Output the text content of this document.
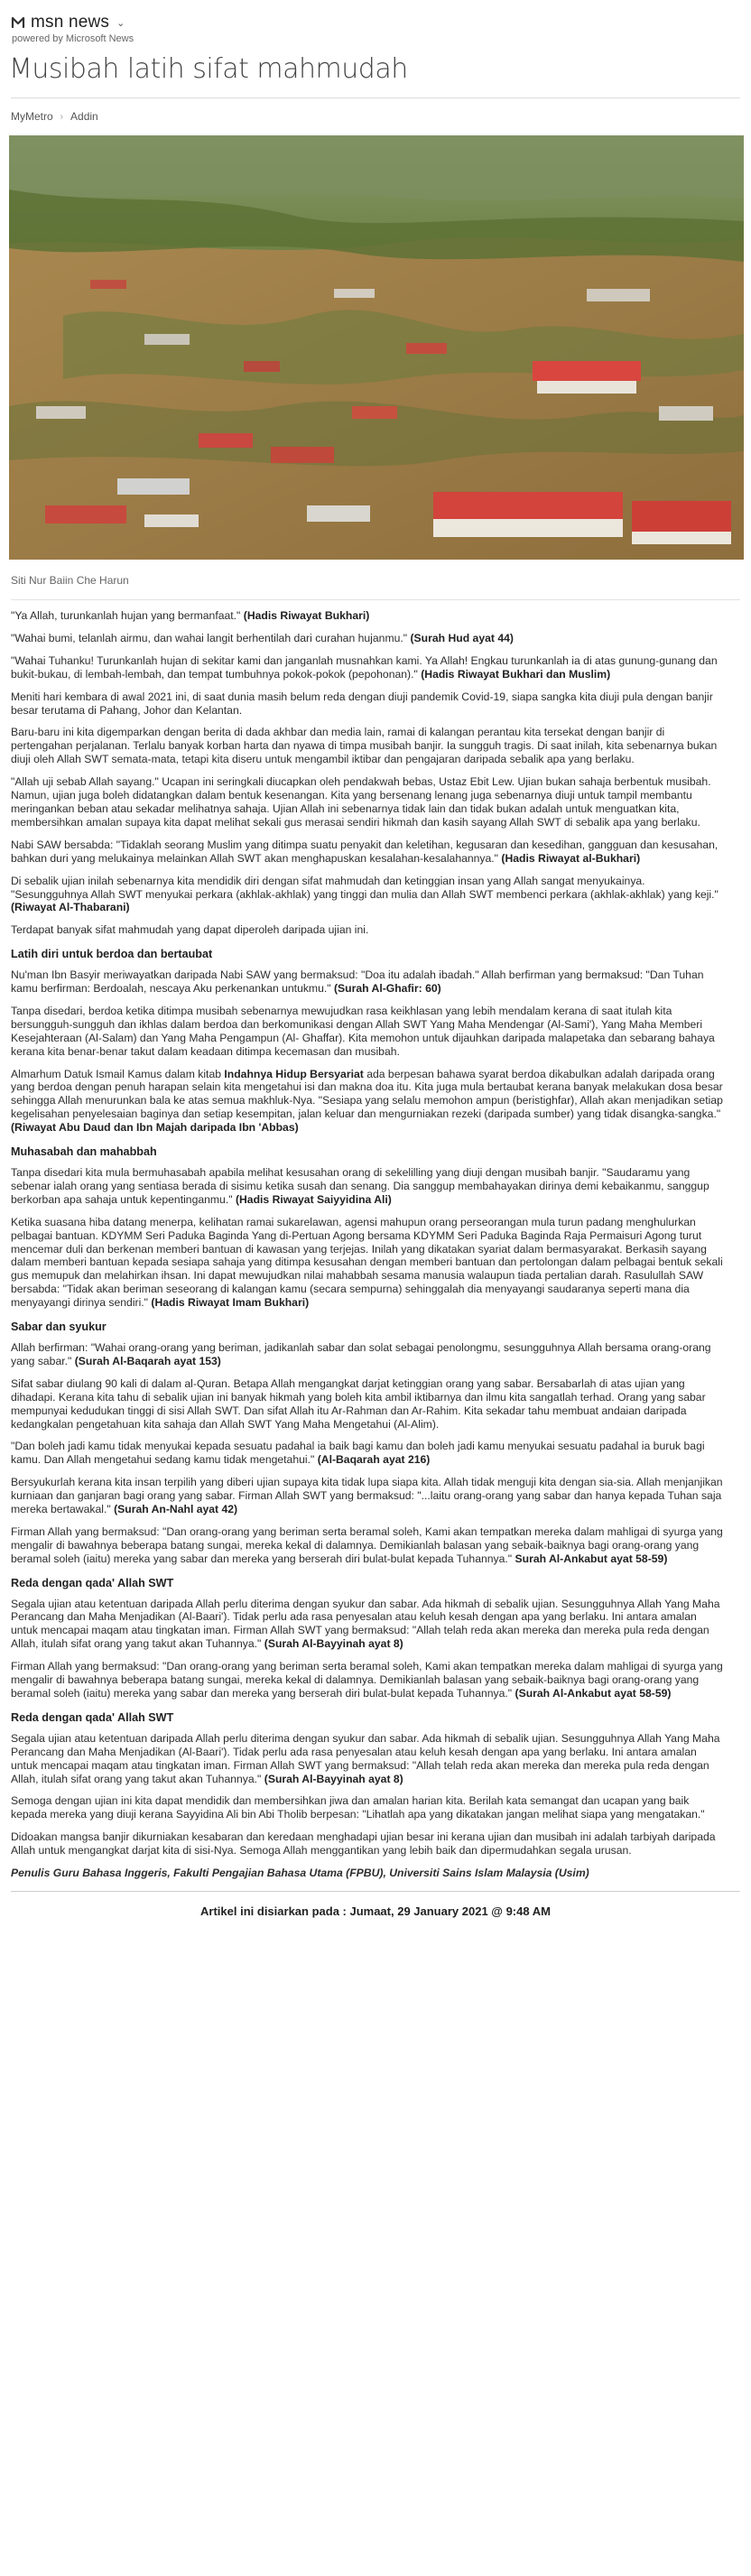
msn news ⌄
powered by Microsoft News
Musibah latih sifat mahmudah
MyMetro › Addin
Siti Nur Baiin Che Harun

"Ya Allah, turunkanlah hujan yang bermanfaat." (Hadis Riwayat Bukhari)

"Wahai bumi, telanlah airmu, dan wahai langit berhentilah dari curahan hujanmu." (Surah Hud ayat 44)

"Wahai Tuhanku! Turunkanlah hujan di sekitar kami dan janganlah musnahkan kami. Ya Allah! Engkau turunkanlah ia di atas gunung-gunang dan bukit-bukau, di lembah-lembah, dan tempat tumbuhnya pokok-pokok (pepohonan)." (Hadis Riwayat Bukhari dan Muslim)

Meniti hari kembara di awal 2021 ini, di saat dunia masih belum reda dengan diuji pandemik Covid-19, siapa sangka kita diuji pula dengan banjir besar terutama di Pahang, Johor dan Kelantan.

Baru-baru ini kita digemparkan dengan berita di dada akhbar dan media lain, ramai di kalangan perantau kita tersekat dengan banjir di pertengahan perjalanan. Terlalu banyak korban harta dan nyawa di timpa musibah banjir. Ia sungguh tragis. Di saat inilah, kita sebenarnya bukan diuji oleh Allah SWT semata-mata, tetapi kita diseru untuk mengambil iktibar dan pengajaran daripada sebalik apa yang berlaku.

"Allah uji sebab Allah sayang." Ucapan ini seringkali diucapkan oleh pendakwah bebas, Ustaz Ebit Lew. Ujian bukan sahaja berbentuk musibah. Namun, ujian juga boleh didatangkan dalam bentuk kesenangan. Kita yang bersenang lenang juga sebenarnya diuji untuk tampil membantu meringankan beban atau sekadar melihatnya sahaja. Ujian Allah ini sebenarnya tidak lain dan tidak bukan adalah untuk menguatkan kita, membersihkan amalan supaya kita dapat melihat sekali gus merasai sendiri hikmah dan kasih sayang Allah SWT di sebalik apa yang berlaku.

Nabi SAW bersabda: "Tidaklah seorang Muslim yang ditimpa suatu penyakit dan keletihan, kegusaran dan kesedihan, gangguan dan kesusahan, bahkan duri yang melukainya melainkan Allah SWT akan menghapuskan kesalahan-kesalahannya." (Hadis Riwayat al-Bukhari)

Di sebalik ujian inilah sebenarnya kita mendidik diri dengan sifat mahmudah dan ketinggian insan yang Allah sangat menyukainya. "Sesungguhnya Allah SWT menyukai perkara (akhlak-akhlak) yang tinggi dan mulia dan Allah SWT membenci perkara (akhlak-akhlak) yang keji." (Riwayat Al-Thabarani)

Terdapat banyak sifat mahmudah yang dapat diperoleh daripada ujian ini.

Latih diri untuk berdoa dan bertaubat

Nu'man Ibn Basyir meriwayatkan daripada Nabi SAW yang bermaksud: "Doa itu adalah ibadah." Allah berfirman yang bermaksud: "Dan Tuhan kamu berfirman: Berdoalah, nescaya Aku perkenankan untukmu." (Surah Al-Ghafir: 60)

Tanpa disedari, berdoa ketika ditimpa musibah sebenarnya mewujudkan rasa keikhlasan yang lebih mendalam kerana di saat itulah kita bersungguh-sungguh dan ikhlas dalam berdoa dan berkomunikasi dengan Allah SWT Yang Maha Mendengar (Al-Sami'), Yang Maha Memberi Kesejahteraan (Al-Salam) dan Yang Maha Pengampun (Al- Ghaffar). Kita memohon untuk dijauhkan daripada malapetaka dan sebarang bahaya kerana kita benar-benar takut dalam keadaan ditimpa kecemasan dan musibah.

Almarhum Datuk Ismail Kamus dalam kitab Indahnya Hidup Bersyariat ada berpesan bahawa syarat berdoa dikabulkan adalah daripada orang yang berdoa dengan penuh harapan selain kita mengetahui isi dan makna doa itu. Kita juga mula bertaubat kerana banyak melakukan dosa besar sehingga Allah menurunkan bala ke atas semua makhluk-Nya. "Sesiapa yang selalu memohon ampun (beristighfar), Allah akan menjadikan setiap kegelisahan penyelesaian baginya dan setiap kesempitan, jalan keluar dan mengurniakan rezeki (daripada sumber) yang tidak disangka-sangka." (Riwayat Abu Daud dan Ibn Majah daripada Ibn 'Abbas)

Muhasabah dan mahabbah

Tanpa disedari kita mula bermuhasabah apabila melihat kesusahan orang di sekelilling yang diuji dengan musibah banjir. "Saudaramu yang sebenar ialah orang yang sentiasa berada di sisimu ketika susah dan senang. Dia sanggup membahayakan dirinya demi kebaikanmu, sanggup berkorban apa sahaja untuk kepentinganmu." (Hadis Riwayat Saiyyidina Ali)

Ketika suasana hiba datang menerpa, kelihatan ramai sukarelawan, agensi mahupun orang perseorangan mula turun padang menghulurkan pelbagai bantuan. KDYMM Seri Paduka Baginda Yang di-Pertuan Agong bersama KDYMM Seri Paduka Baginda Raja Permaisuri Agong turut mencemar duli dan berkenan memberi bantuan di kawasan yang terjejas. Inilah yang dikatakan syariat dalam bermasyarakat. Berkasih sayang dalam memberi bantuan kepada sesiapa sahaja yang ditimpa kesusahan dengan memberi bantuan dan pertolongan dalam pelbagai bentuk sekali gus memupuk dan melahirkan ihsan. Ini dapat mewujudkan nilai mahabbah sesama manusia walaupun tiada pertalian darah. Rasulullah SAW bersabda: "Tidak akan beriman seseorang di kalangan kamu (secara sempurna) sehinggalah dia menyayangi saudaranya seperti mana dia menyayangi dirinya sendiri." (Hadis Riwayat Imam Bukhari)

Sabar dan syukur

Allah berfirman: "Wahai orang-orang yang beriman, jadikanlah sabar dan solat sebagai penolongmu, sesungguhnya Allah bersama orang-orang yang sabar." (Surah Al-Baqarah ayat 153)

Sifat sabar diulang 90 kali di dalam al-Quran. Betapa Allah mengangkat darjat ketinggian orang yang sabar. Bersabarlah di atas ujian yang dihadapi. Kerana kita tahu di sebalik ujian ini banyak hikmah yang boleh kita ambil iktibarnya dan ilmu kita sangatlah terhad. Orang yang sabar mempunyai kedudukan tinggi di sisi Allah SWT. Dan sifat Allah itu Ar-Rahman dan Ar-Rahim. Kita sekadar tahu membuat andaian daripada kedangkalan pengetahuan kita sahaja dan Allah SWT Yang Maha Mengetahui (Al-Alim).

"Dan boleh jadi kamu tidak menyukai kepada sesuatu padahal ia baik bagi kamu dan boleh jadi kamu menyukai sesuatu padahal ia buruk bagi kamu. Dan Allah mengetahui sedang kamu tidak mengetahui." (Al-Baqarah ayat 216)

Bersyukurlah kerana kita insan terpilih yang diberi ujian supaya kita tidak lupa siapa kita. Allah tidak menguji kita dengan sia-sia. Allah menjanjikan kurniaan dan ganjaran bagi orang yang sabar. Firman Allah SWT yang bermaksud: "...laitu orang-orang yang sabar dan hanya kepada Tuhan saja mereka bertawakal." (Surah An-Nahl ayat 42)

Firman Allah yang bermaksud: "Dan orang-orang yang beriman serta beramal soleh, Kami akan tempatkan mereka dalam mahligai di syurga yang mengalir di bawahnya beberapa batang sungai, mereka kekal di dalamnya. Demikianlah balasan yang sebaik-baiknya bagi orang-orang yang beramal soleh (iaitu) mereka yang sabar dan mereka yang berserah diri bulat-bulat kepada Tuhannya." Surah Al-Ankabut ayat 58-59)

Reda dengan qada' Allah SWT

Segala ujian atau ketentuan daripada Allah perlu diterima dengan syukur dan sabar. Ada hikmah di sebalik ujian. Sesungguhnya Allah Yang Maha Perancang dan Maha Menjadikan (Al-Baari'). Tidak perlu ada rasa penyesalan atau keluh kesah dengan apa yang berlaku. Ini antara amalan untuk mencapai maqam atau tingkatan iman. Firman Allah SWT yang bermaksud: "Allah telah reda akan mereka dan mereka pula reda dengan Allah, itulah sifat orang yang takut akan Tuhannya." (Surah Al-Bayyinah ayat 8)

Firman Allah yang bermaksud: "Dan orang-orang yang beriman serta beramal soleh, Kami akan tempatkan mereka dalam mahligai di syurga yang mengalir di bawahnya beberapa batang sungai, mereka kekal di dalamnya. Demikianlah balasan yang sebaik-baiknya bagi orang-orang yang beramal soleh (iaitu) mereka yang sabar dan mereka yang berserah diri bulat-bulat kepada Tuhannya." (Surah Al-Ankabut ayat 58-59)

Reda dengan qada' Allah SWT

Segala ujian atau ketentuan daripada Allah perlu diterima dengan syukur dan sabar. Ada hikmah di sebalik ujian. Sesungguhnya Allah Yang Maha Perancang dan Maha Menjadikan (Al-Baari'). Tidak perlu ada rasa penyesalan atau keluh kesah dengan apa yang berlaku. Ini antara amalan untuk mencapai maqam atau tingkatan iman. Firman Allah SWT yang bermaksud: "Allah telah reda akan mereka dan mereka pula reda dengan Allah, itulah sifat orang yang takut akan Tuhannya." (Surah Al-Bayyinah ayat 8)

Semoga dengan ujian ini kita dapat mendidik dan membersihkan jiwa dan amalan harian kita. Berilah kata semangat dan ucapan yang baik kepada mereka yang diuji kerana Sayyidina Ali bin Abi Tholib berpesan: "Lihatlah apa yang dikatakan jangan melihat siapa yang mengatakan."

Didoakan mangsa banjir dikurniakan kesabaran dan keredaan menghadapi ujian besar ini kerana ujian dan musibah ini adalah tarbiyah daripada Allah untuk mengangkat darjat kita di sisi-Nya. Semoga Allah menggantikan yang lebih baik dan dipermudahkan segala urusan.

Penulis Guru Bahasa Inggeris, Fakulti Pengajian Bahasa Utama (FPBU), Universiti Sains Islam Malaysia (Usim)

Artikel ini disiarkan pada : Jumaat, 29 January 2021 @ 9:48 AM
